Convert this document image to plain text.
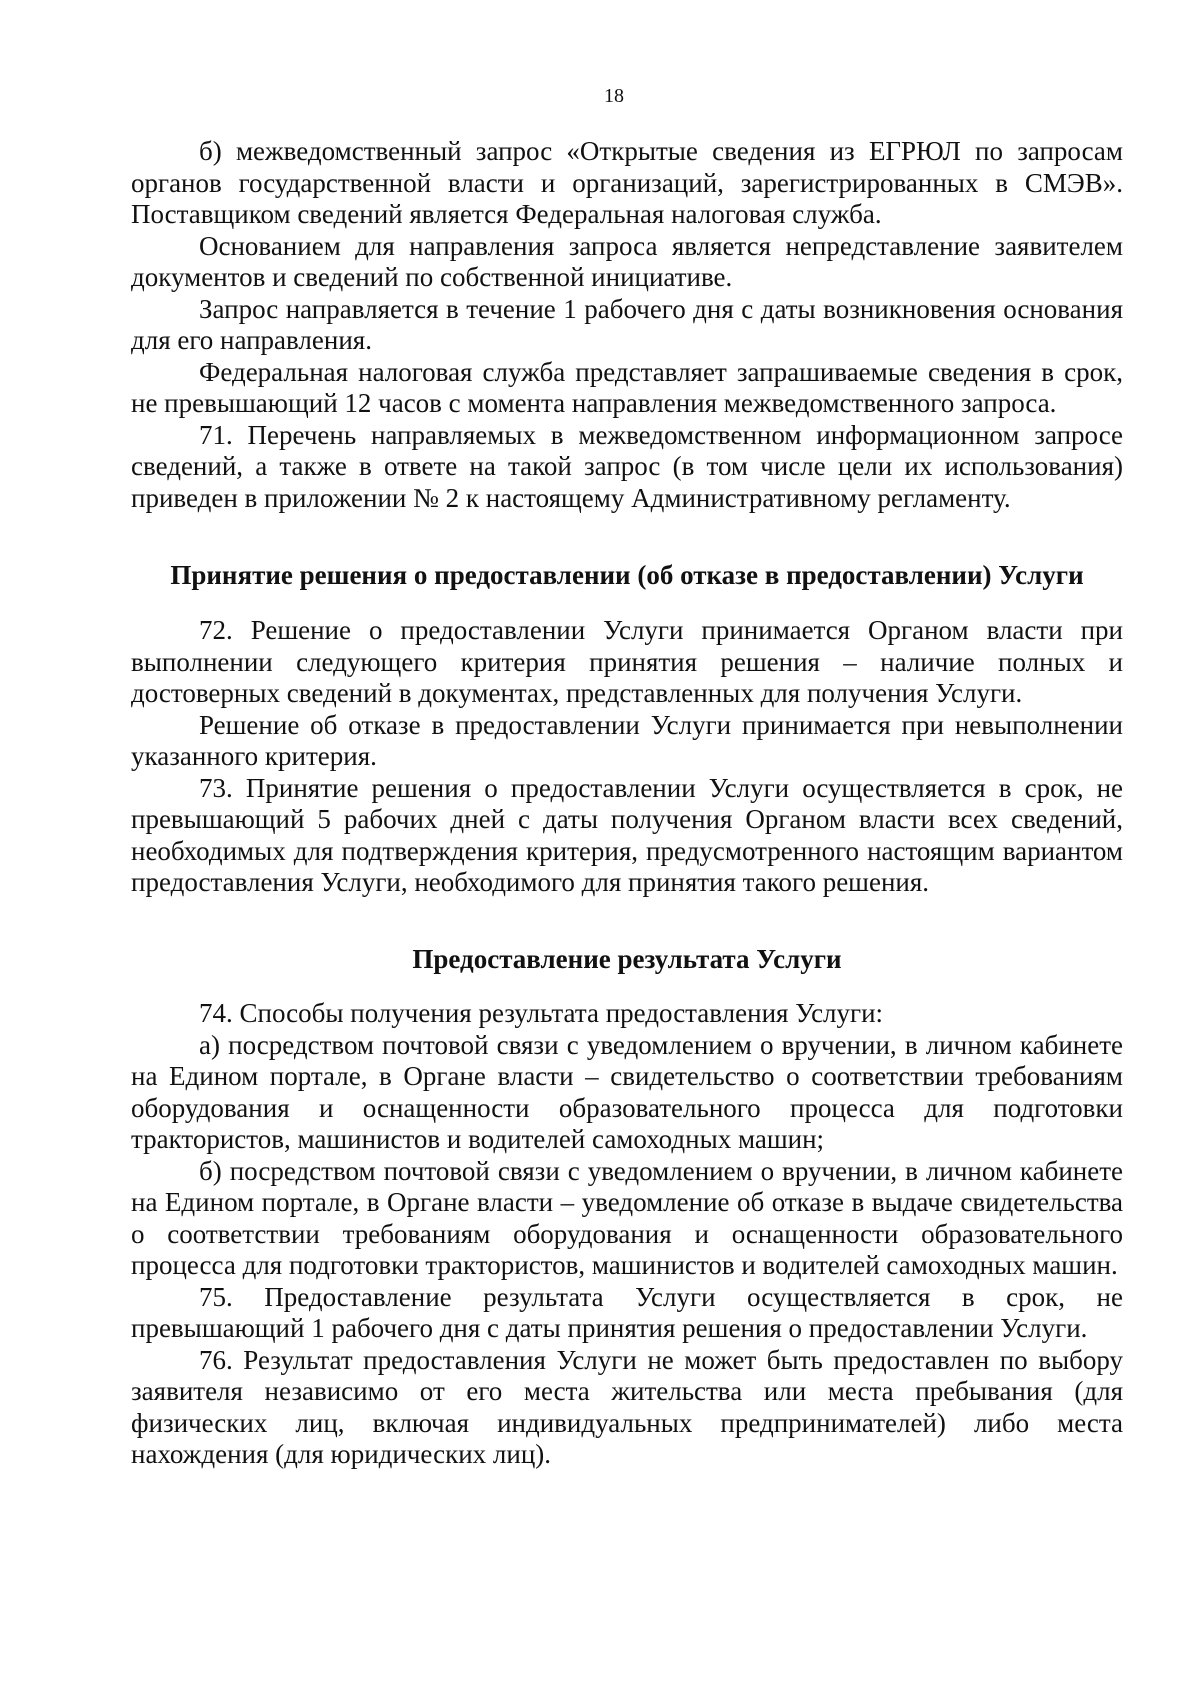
18

б) межведомственный запрос «Открытые сведения из ЕГРЮЛ по запросам органов государственной власти и организаций, зарегистрированных в СМЭВ». Поставщиком сведений является Федеральная налоговая служба.

Основанием для направления запроса является непредставление заявителем документов и сведений по собственной инициативе.

Запрос направляется в течение 1 рабочего дня с даты возникновения основания для его направления.

Федеральная налоговая служба представляет запрашиваемые сведения в срок, не превышающий 12 часов с момента направления межведомственного запроса.

71. Перечень направляемых в межведомственном информационном запросе сведений, а также в ответе на такой запрос (в том числе цели их использования) приведен в приложении № 2 к настоящему Административному регламенту.

Принятие решения о предоставлении (об отказе в предоставлении) Услуги

72. Решение о предоставлении Услуги принимается Органом власти при выполнении следующего критерия принятия решения – наличие полных и достоверных сведений в документах, представленных для получения Услуги.

Решение об отказе в предоставлении Услуги принимается при невыполнении указанного критерия.

73. Принятие решения о предоставлении Услуги осуществляется в срок, не превышающий 5 рабочих дней с даты получения Органом власти всех сведений, необходимых для подтверждения критерия, предусмотренного настоящим вариантом предоставления Услуги, необходимого для принятия такого решения.

Предоставление результата Услуги

74. Способы получения результата предоставления Услуги:

а) посредством почтовой связи с уведомлением о вручении, в личном кабинете на Едином портале, в Органе власти – свидетельство о соответствии требованиям оборудования и оснащенности образовательного процесса для подготовки трактористов, машинистов и водителей самоходных машин;

б) посредством почтовой связи с уведомлением о вручении, в личном кабинете на Едином портале, в Органе власти – уведомление об отказе в выдаче свидетельства о соответствии требованиям оборудования и оснащенности образовательного процесса для подготовки трактористов, машинистов и водителей самоходных машин.

75. Предоставление результата Услуги осуществляется в срок, не превышающий 1 рабочего дня с даты принятия решения о предоставлении Услуги.

76. Результат предоставления Услуги не может быть предоставлен по выбору заявителя независимо от его места жительства или места пребывания (для физических лиц, включая индивидуальных предпринимателей) либо места нахождения (для юридических лиц).
